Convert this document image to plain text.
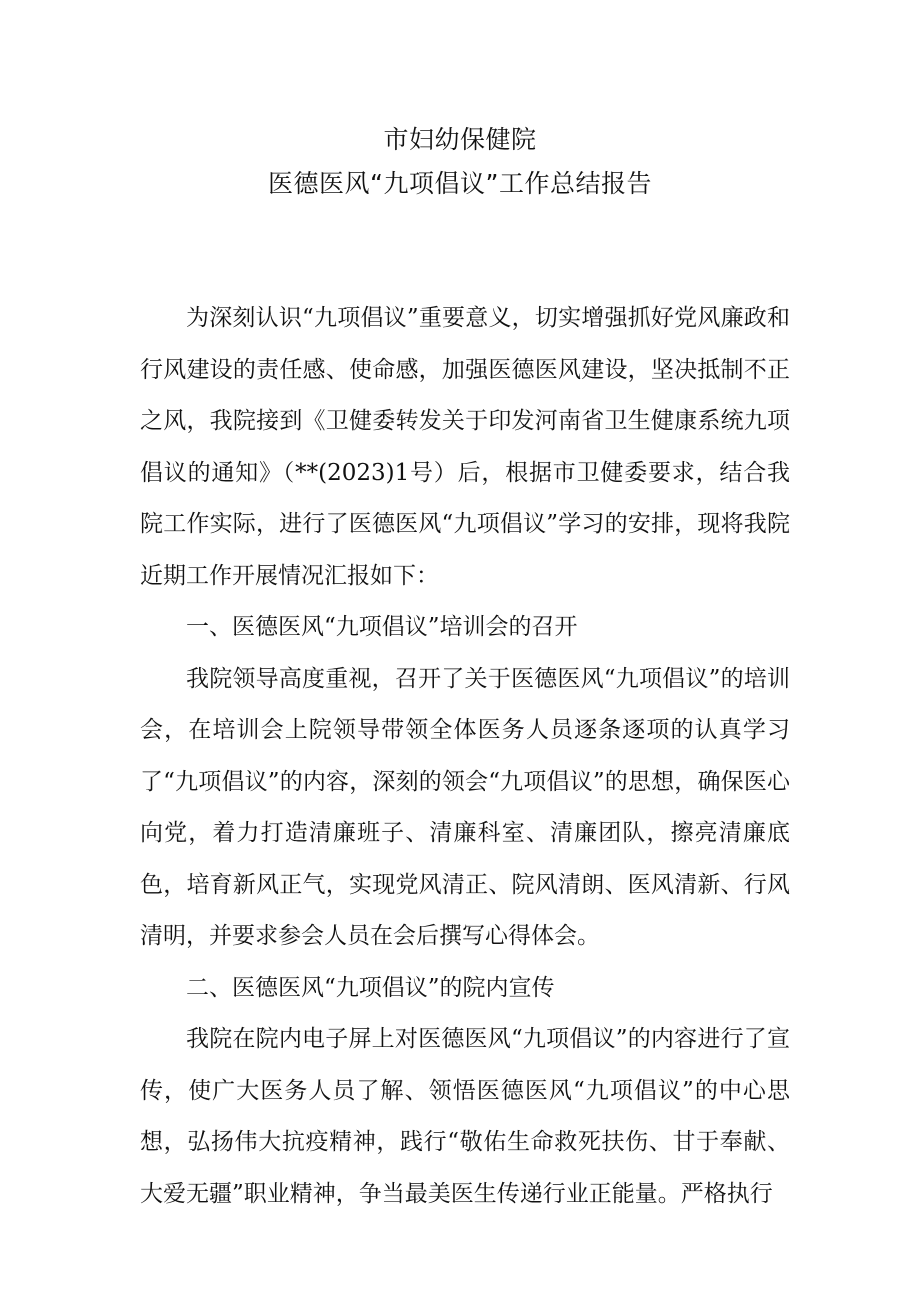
市妇幼保健院
医德医风“九项倡议”工作总结报告

为深刻认识“九项倡议”重要意义，切实增强抓好党风廉政和行风建设的责任感、使命感，加强医德医风建设，坚决抵制不正之风，我院接到《卫健委转发关于印发河南省卫生健康系统九项倡议的通知》（**(2023)1号）后，根据市卫健委要求，结合我院工作实际，进行了医德医风“九项倡议”学习的安排，现将我院近期工作开展情况汇报如下：

一、医德医风“九项倡议”培训会的召开

我院领导高度重视，召开了关于医德医风“九项倡议”的培训会，在培训会上院领导带领全体医务人员逐条逐项的认真学习了“九项倡议”的内容，深刻的领会“九项倡议”的思想，确保医心向党，着力打造清廉班子、清廉科室、清廉团队，擦亮清廉底色，培育新风正气，实现党风清正、院风清朗、医风清新、行风清明，并要求参会人员在会后撰写心得体会。

二、医德医风“九项倡议”的院内宣传

我院在院内电子屏上对医德医风“九项倡议”的内容进行了宣传，使广大医务人员了解、领悟医德医风“九项倡议”的中心思想，弘扬伟大抗疫精神，践行“敬佑生命救死扶伤、甘于奉献、大爱无疆”职业精神，争当最美医生传递行业正能量。严格执行
